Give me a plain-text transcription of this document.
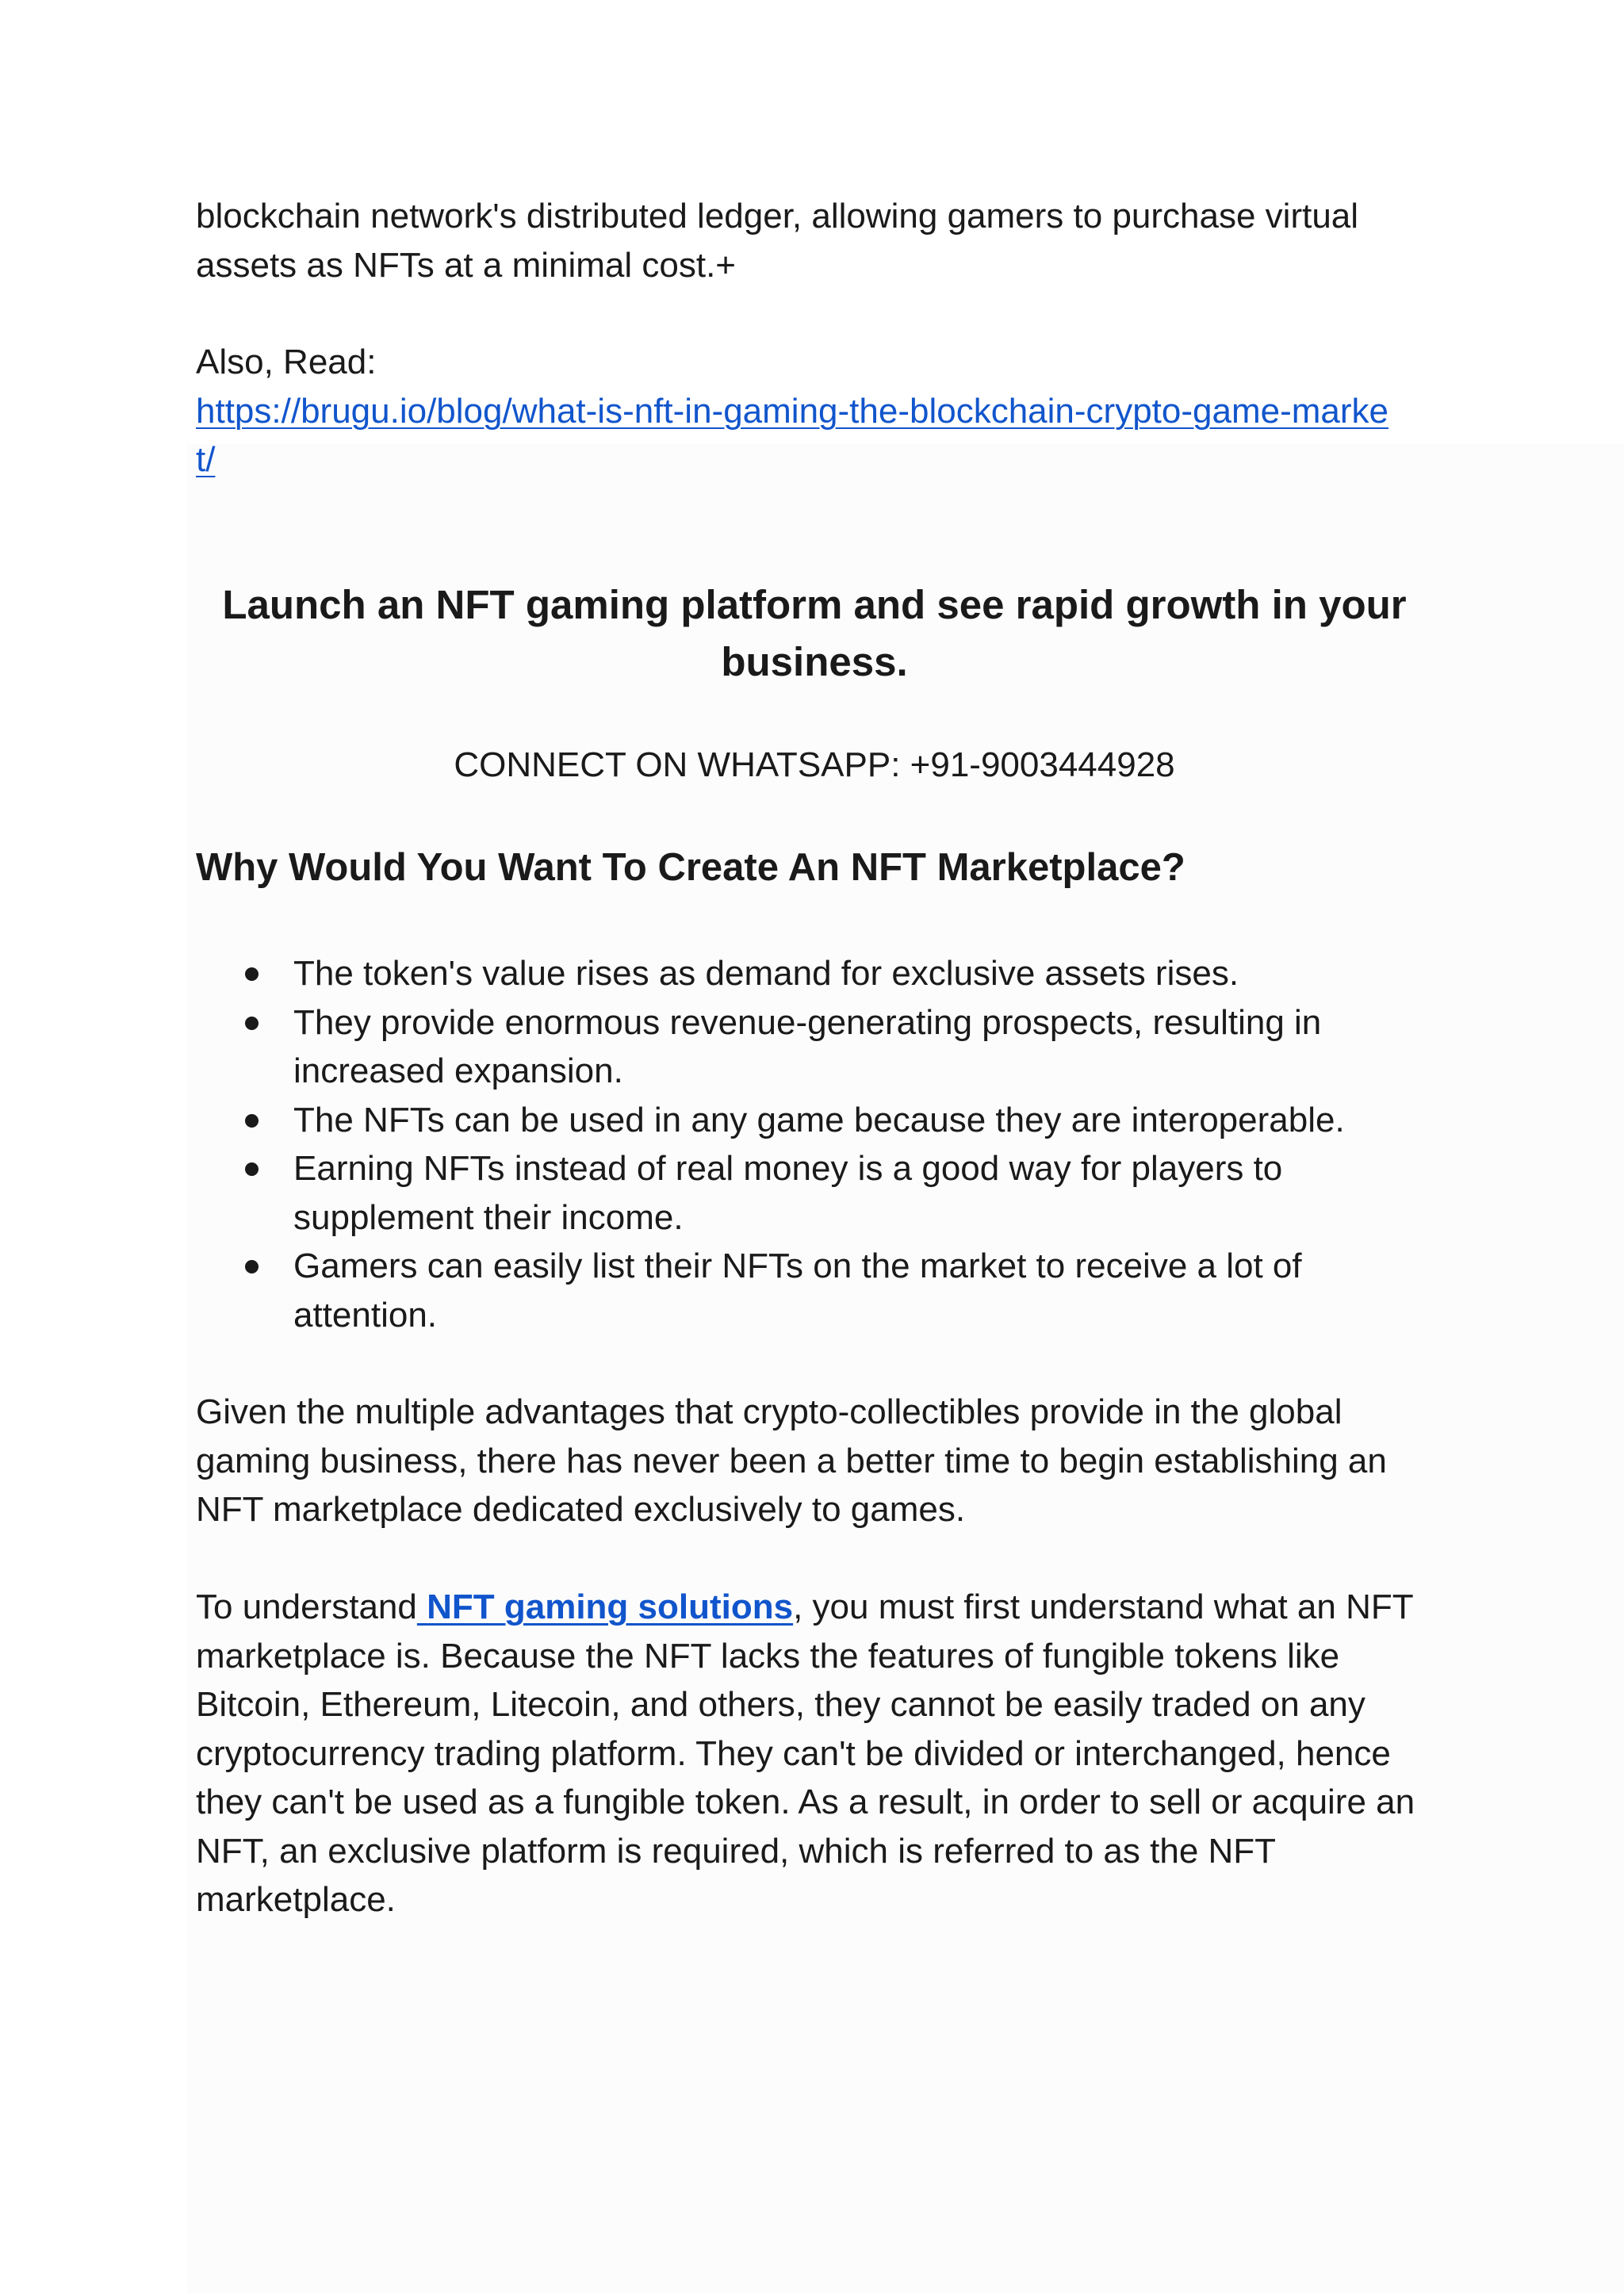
blockchain network's distributed ledger, allowing gamers to purchase virtual
assets as NFTs at a minimal cost.+

Also, Read:
https://brugu.io/blog/what-is-nft-in-gaming-the-blockchain-crypto-game-marke
t/

Launch an NFT gaming platform and see rapid growth in your
business.

CONNECT ON WHATSAPP: +91-9003444928

Why Would You Want To Create An NFT Marketplace?
The token's value rises as demand for exclusive assets rises.
They provide enormous revenue-generating prospects, resulting in
increased expansion.
The NFTs can be used in any game because they are interoperable.
Earning NFTs instead of real money is a good way for players to
supplement their income.
Gamers can easily list their NFTs on the market to receive a lot of
attention.

Given the multiple advantages that crypto-collectibles provide in the global
gaming business, there has never been a better time to begin establishing an
NFT marketplace dedicated exclusively to games.

To understand NFT gaming solutions, you must first understand what an NFT
marketplace is. Because the NFT lacks the features of fungible tokens like
Bitcoin, Ethereum, Litecoin, and others, they cannot be easily traded on any
cryptocurrency trading platform. They can't be divided or interchanged, hence
they can't be used as a fungible token. As a result, in order to sell or acquire an
NFT, an exclusive platform is required, which is referred to as the NFT
marketplace.
